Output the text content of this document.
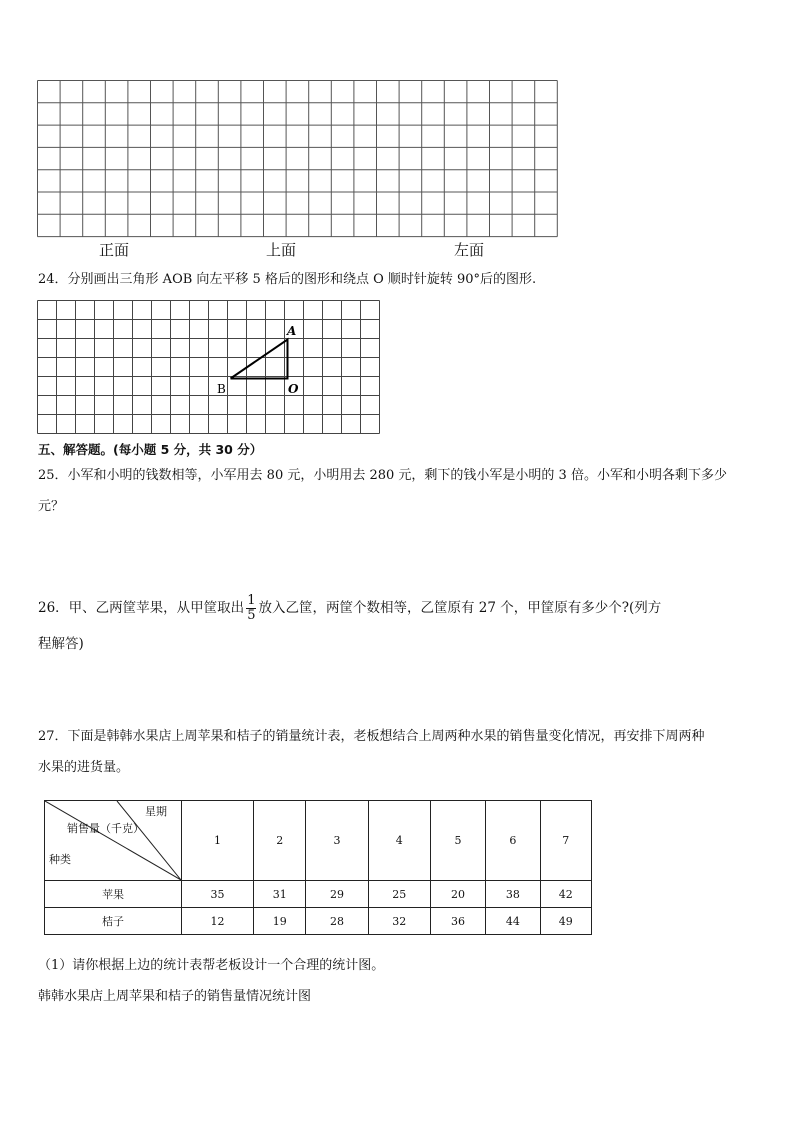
正面	上面	左面
24．分别画出三角形 AOB 向左平移 5 格后的图形和绕点 O 顺时针旋转 90°后的图形.
A
B	O
五、解答题。(每小题 5 分，共 30 分）
25．小军和小明的钱数相等，小军用去 80 元，小明用去 280 元，剩下的钱小军是小明的 3 倍。小军和小明各剩下多少
元？
26．甲、乙两筐苹果，从甲筐取出 $\frac{1}{5}$ 放入乙筐，两筐个数相等，乙筐原有 27 个，甲筐原有多少个?(列方
程解答)
27．下面是韩韩水果店上周苹果和桔子的销量统计表，老板想结合上周两种水果的销售量变化情况，再安排下周两种
水果的进货量。
星期
销售量（千克）
种类	1	2	3	4	5	6	7
苹果	35	31	29	25	20	38	42
桔子	12	19	28	32	36	44	49
（1）请你根据上边的统计表帮老板设计一个合理的统计图。
韩韩水果店上周苹果和桔子的销售量情况统计图
